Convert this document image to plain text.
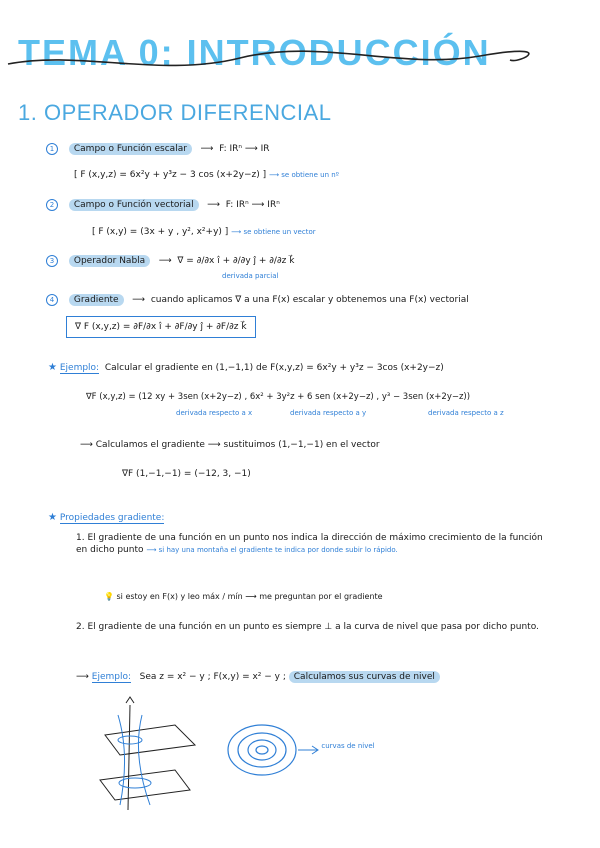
TEMA 0: INTRODUCCIÓN
1. OPERADOR DIFERENCIAL
1 Campo o Función escalar   ⟶  F: IRⁿ ⟶ IR
[ F (x,y,z) = 6x²y + y³z − 3 cos (x+2y−z) ] ⟶ se obtiene un nº
2 Campo o Función vectorial   ⟶  F: IRⁿ ⟶ IRⁿ
[ F (x,y) = (3x + y , y², x²+y) ] ⟶ se obtiene un vector
3 Operador Nabla   ⟶  ∇ = ∂/∂x î + ∂/∂y ĵ + ∂/∂z k⃗
derivada parcial
4 Gradiente   ⟶  cuando aplicamos ∇ a una F(x) escalar y obtenemos una F(x) vectorial
∇ F (x,y,z) = ∂F/∂x î + ∂F/∂y ĵ + ∂F/∂z k⃗
★ Ejemplo: Calcular el gradiente en (1,−1,1) de F(x,y,z) = 6x²y + y³z − 3cos (x+2y−z)
∇F (x,y,z) = (12 xy + 3sen (x+2y−z) , 6x² + 3y²z + 6 sen (x+2y−z) , y³ − 3sen (x+2y−z))
derivada respecto a x	derivada respecto a y	derivada respecto a z
⟶ Calculamos el gradiente ⟶ sustituimos (1,−1,−1) en el vector
∇F (1,−1,−1) = (−12, 3, −1)
★ Propiedades gradiente:
1. El gradiente de una función en un punto nos indica la dirección de máximo crecimiento de la función en dicho punto ⟶ si hay una montaña el gradiente te indica por donde subir lo rápido.
💡 si estoy en F(x) y leo máx / mín ⟶ me preguntan por el gradiente
2. El gradiente de una función en un punto es siempre ⊥ a la curva de nivel que pasa por dicho punto.
⟶ Ejemplo: Sea z = x² − y ; F(x,y) = x² − y ; Calculamos sus curvas de nivel
curvas de nivel
